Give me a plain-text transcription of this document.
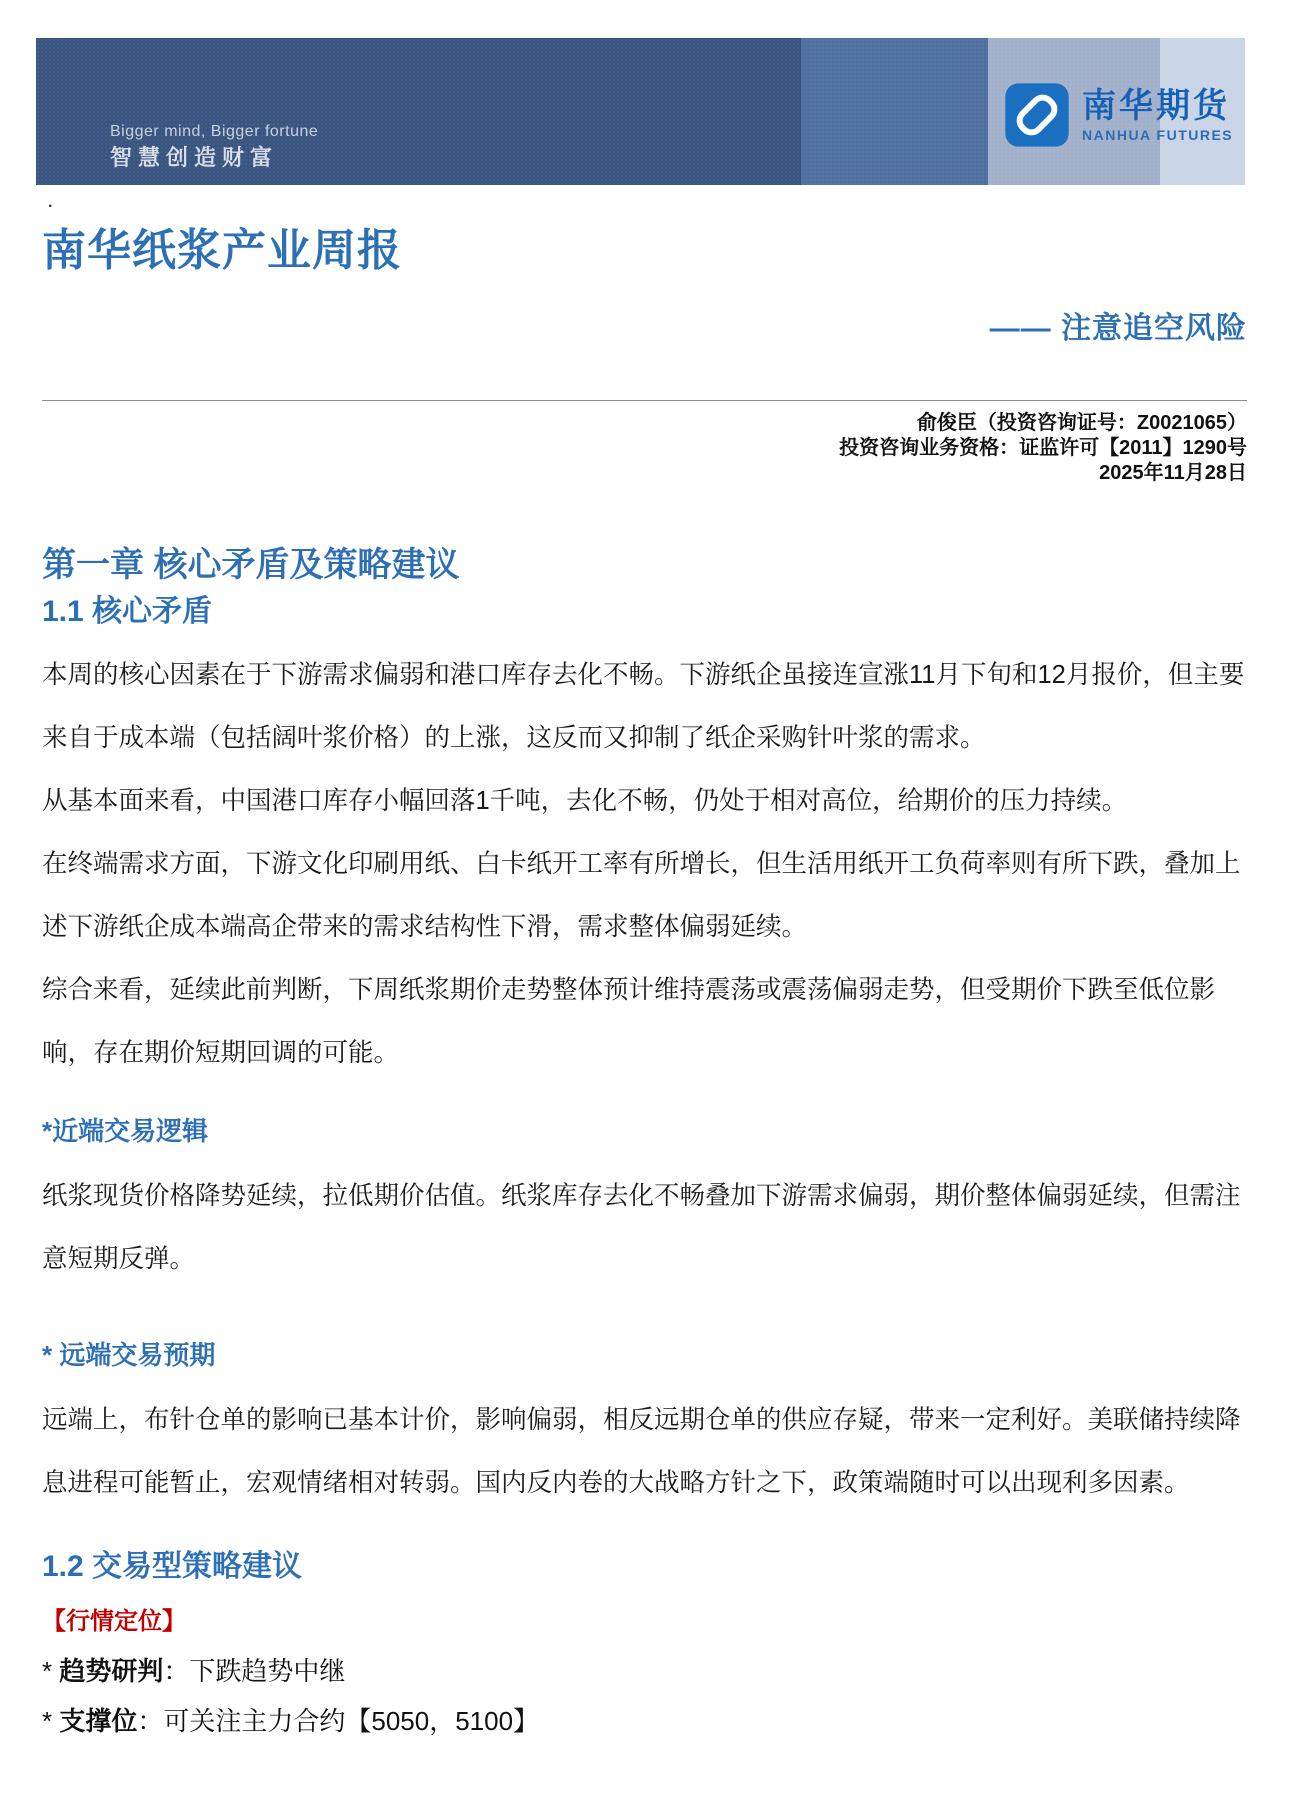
Bigger mind, Bigger fortune
智慧创造财富
南华期货
NANHUA FUTURES
.
南华纸浆产业周报
—— 注意追空风险
俞俊臣（投资咨询证号：Z0021065）
投资咨询业务资格：证监许可【2011】1290号
2025年11月28日
第一章 核心矛盾及策略建议
1.1 核心矛盾

本周的核心因素在于下游需求偏弱和港口库存去化不畅。下游纸企虽接连宣涨11月下旬和12月报价，但主要来自于成本端（包括阔叶浆价格）的上涨，这反而又抑制了纸企采购针叶浆的需求。

从基本面来看，中国港口库存小幅回落1千吨，去化不畅，仍处于相对高位，给期价的压力持续。

在终端需求方面，下游文化印刷用纸、白卡纸开工率有所增长，但生活用纸开工负荷率则有所下跌，叠加上述下游纸企成本端高企带来的需求结构性下滑，需求整体偏弱延续。

综合来看，延续此前判断，下周纸浆期价走势整体预计维持震荡或震荡偏弱走势，但受期价下跌至低位影响，存在期价短期回调的可能。

*近端交易逻辑

纸浆现货价格降势延续，拉低期价估值。纸浆库存去化不畅叠加下游需求偏弱，期价整体偏弱延续，但需注意短期反弹。

* 远端交易预期

远端上，布针仓单的影响已基本计价，影响偏弱，相反远期仓单的供应存疑，带来一定利好。美联储持续降息进程可能暂止，宏观情绪相对转弱。国内反内卷的大战略方针之下，政策端随时可以出现利多因素。

1.2 交易型策略建议
【行情定位】
* 趋势研判：下跌趋势中继
* 支撑位：可关注主力合约【5050，5100】
